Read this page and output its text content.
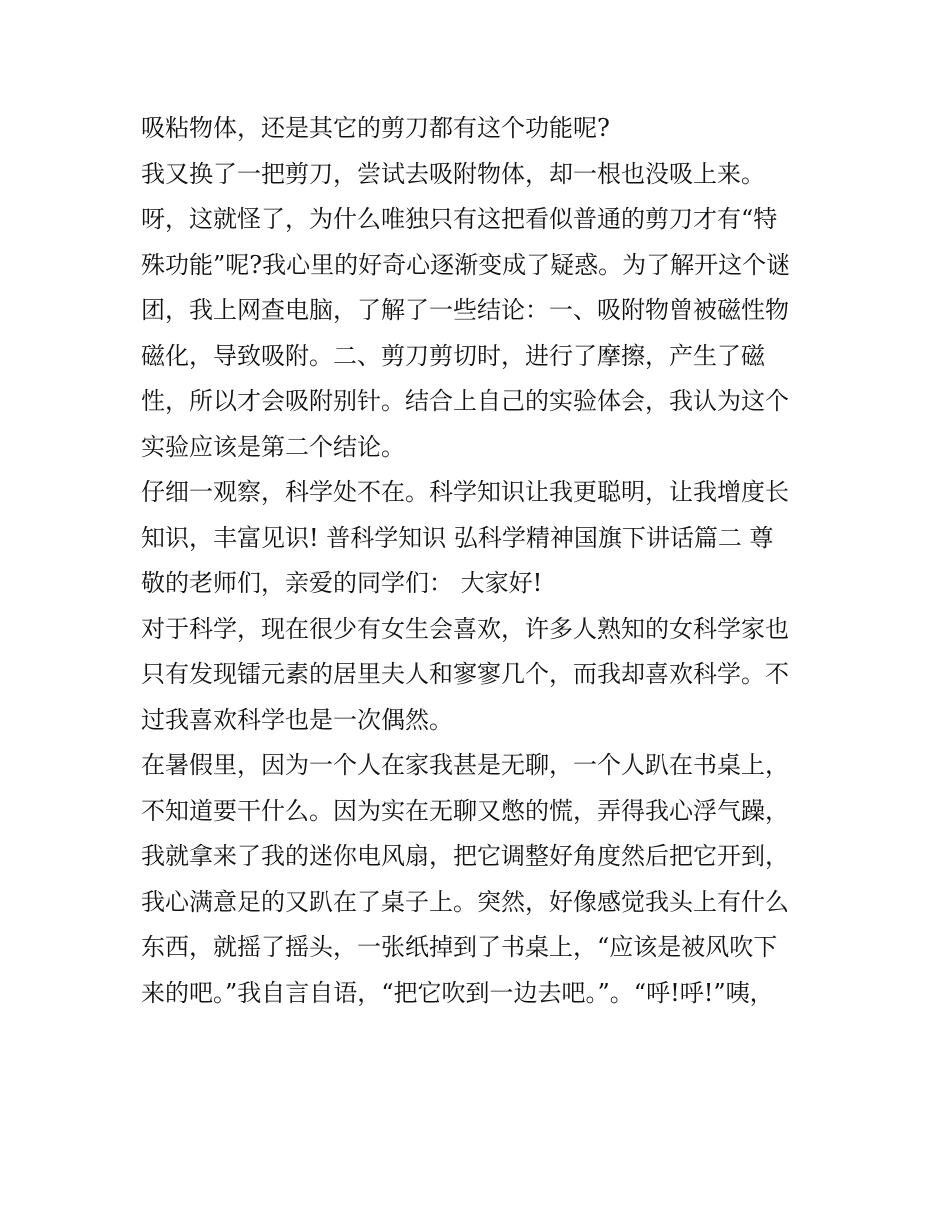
吸粘物体，还是其它的剪刀都有这个功能呢?
我又换了一把剪刀，尝试去吸附物体，却一根也没吸上来。
呀，这就怪了，为什么唯独只有这把看似普通的剪刀才有“特
殊功能”呢?我心里的好奇心逐渐变成了疑惑。为了解开这个谜
团，我上网查电脑，了解了一些结论：一、吸附物曾被磁性物
磁化，导致吸附。二、剪刀剪切时，进行了摩擦，产生了磁
性，所以才会吸附别针。结合上自己的实验体会，我认为这个
实验应该是第二个结论。
仔细一观察，科学处不在。科学知识让我更聪明，让我增度长
知识，丰富见识! 普科学知识 弘科学精神国旗下讲话篇二 尊
敬的老师们，亲爱的同学们： 大家好!
对于科学，现在很少有女生会喜欢，许多人熟知的女科学家也
只有发现镭元素的居里夫人和寥寥几个，而我却喜欢科学。不
过我喜欢科学也是一次偶然。
在暑假里，因为一个人在家我甚是无聊，一个人趴在书桌上，
不知道要干什么。因为实在无聊又憋的慌，弄得我心浮气躁，
我就拿来了我的迷你电风扇，把它调整好角度然后把它开到，
我心满意足的又趴在了桌子上。突然，好像感觉我头上有什么
东西，就摇了摇头，一张纸掉到了书桌上，“应该是被风吹下
来的吧。”我自言自语，“把它吹到一边去吧。”。“呼!呼!”咦，
